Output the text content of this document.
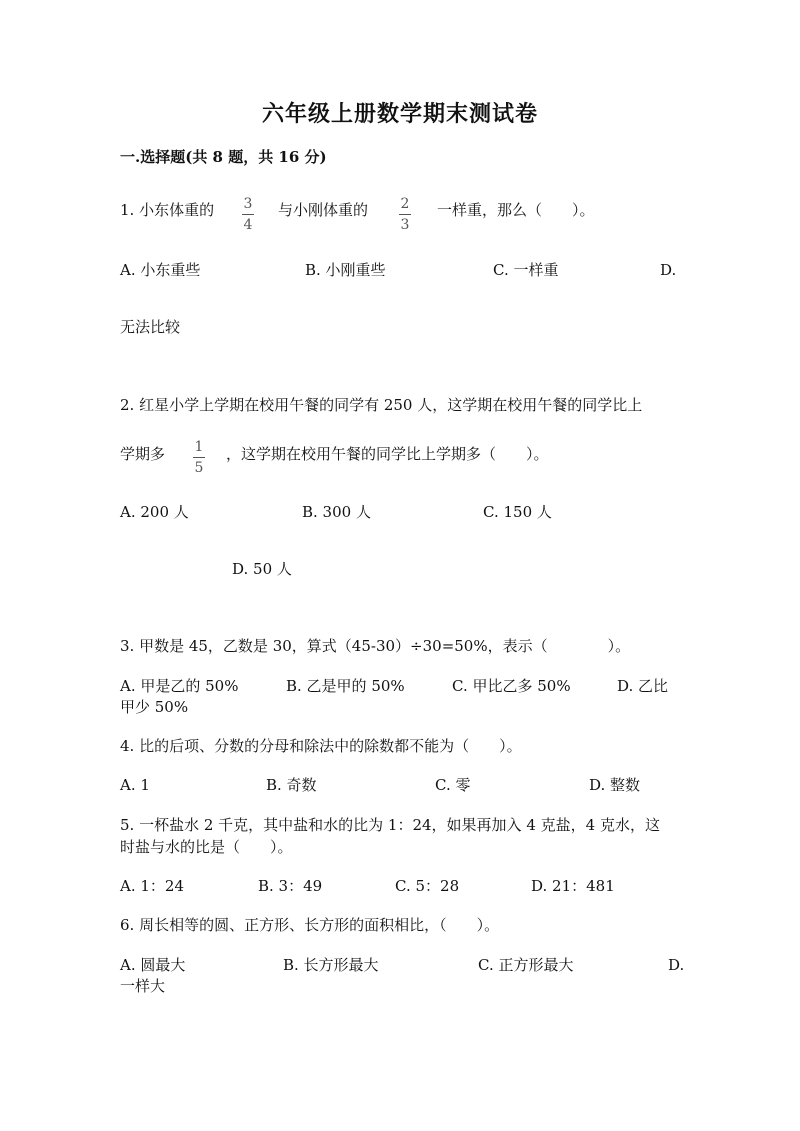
六年级上册数学期末测试卷
一.选择题(共 8 题，共 16 分)
1. 小东体重的 3
4
与小刚体重的 2
3
一样重，那么（　　）。
A. 小东重些	B. 小刚重些	C. 一样重	D.
无法比较
2. 红星小学上学期在校用午餐的同学有 250 人，这学期在校用午餐的同学比上
学期多 1
5
，这学期在校用午餐的同学比上学期多（　　）。
A. 200 人	B. 300 人	C. 150 人
D. 50 人
3. 甲数是 45，乙数是 30，算式（45-30）÷30=50%，表示（　　　　）。
A. 甲是乙的 50%	B. 乙是甲的 50%	C. 甲比乙多 50%	D. 乙比
甲少 50%
4. 比的后项、分数的分母和除法中的除数都不能为（　　）。
A. 1	B. 奇数	C. 零	D. 整数
5. 一杯盐水 2 千克，其中盐和水的比为 1：24，如果再加入 4 克盐，4 克水，这
时盐与水的比是（　　）。
A. 1：24	B. 3：49	C. 5：28	D. 21：481
6. 周长相等的圆、正方形、长方形的面积相比，（　　）。
A. 圆最大	B. 长方形最大	C. 正方形最大	D.
一样大
